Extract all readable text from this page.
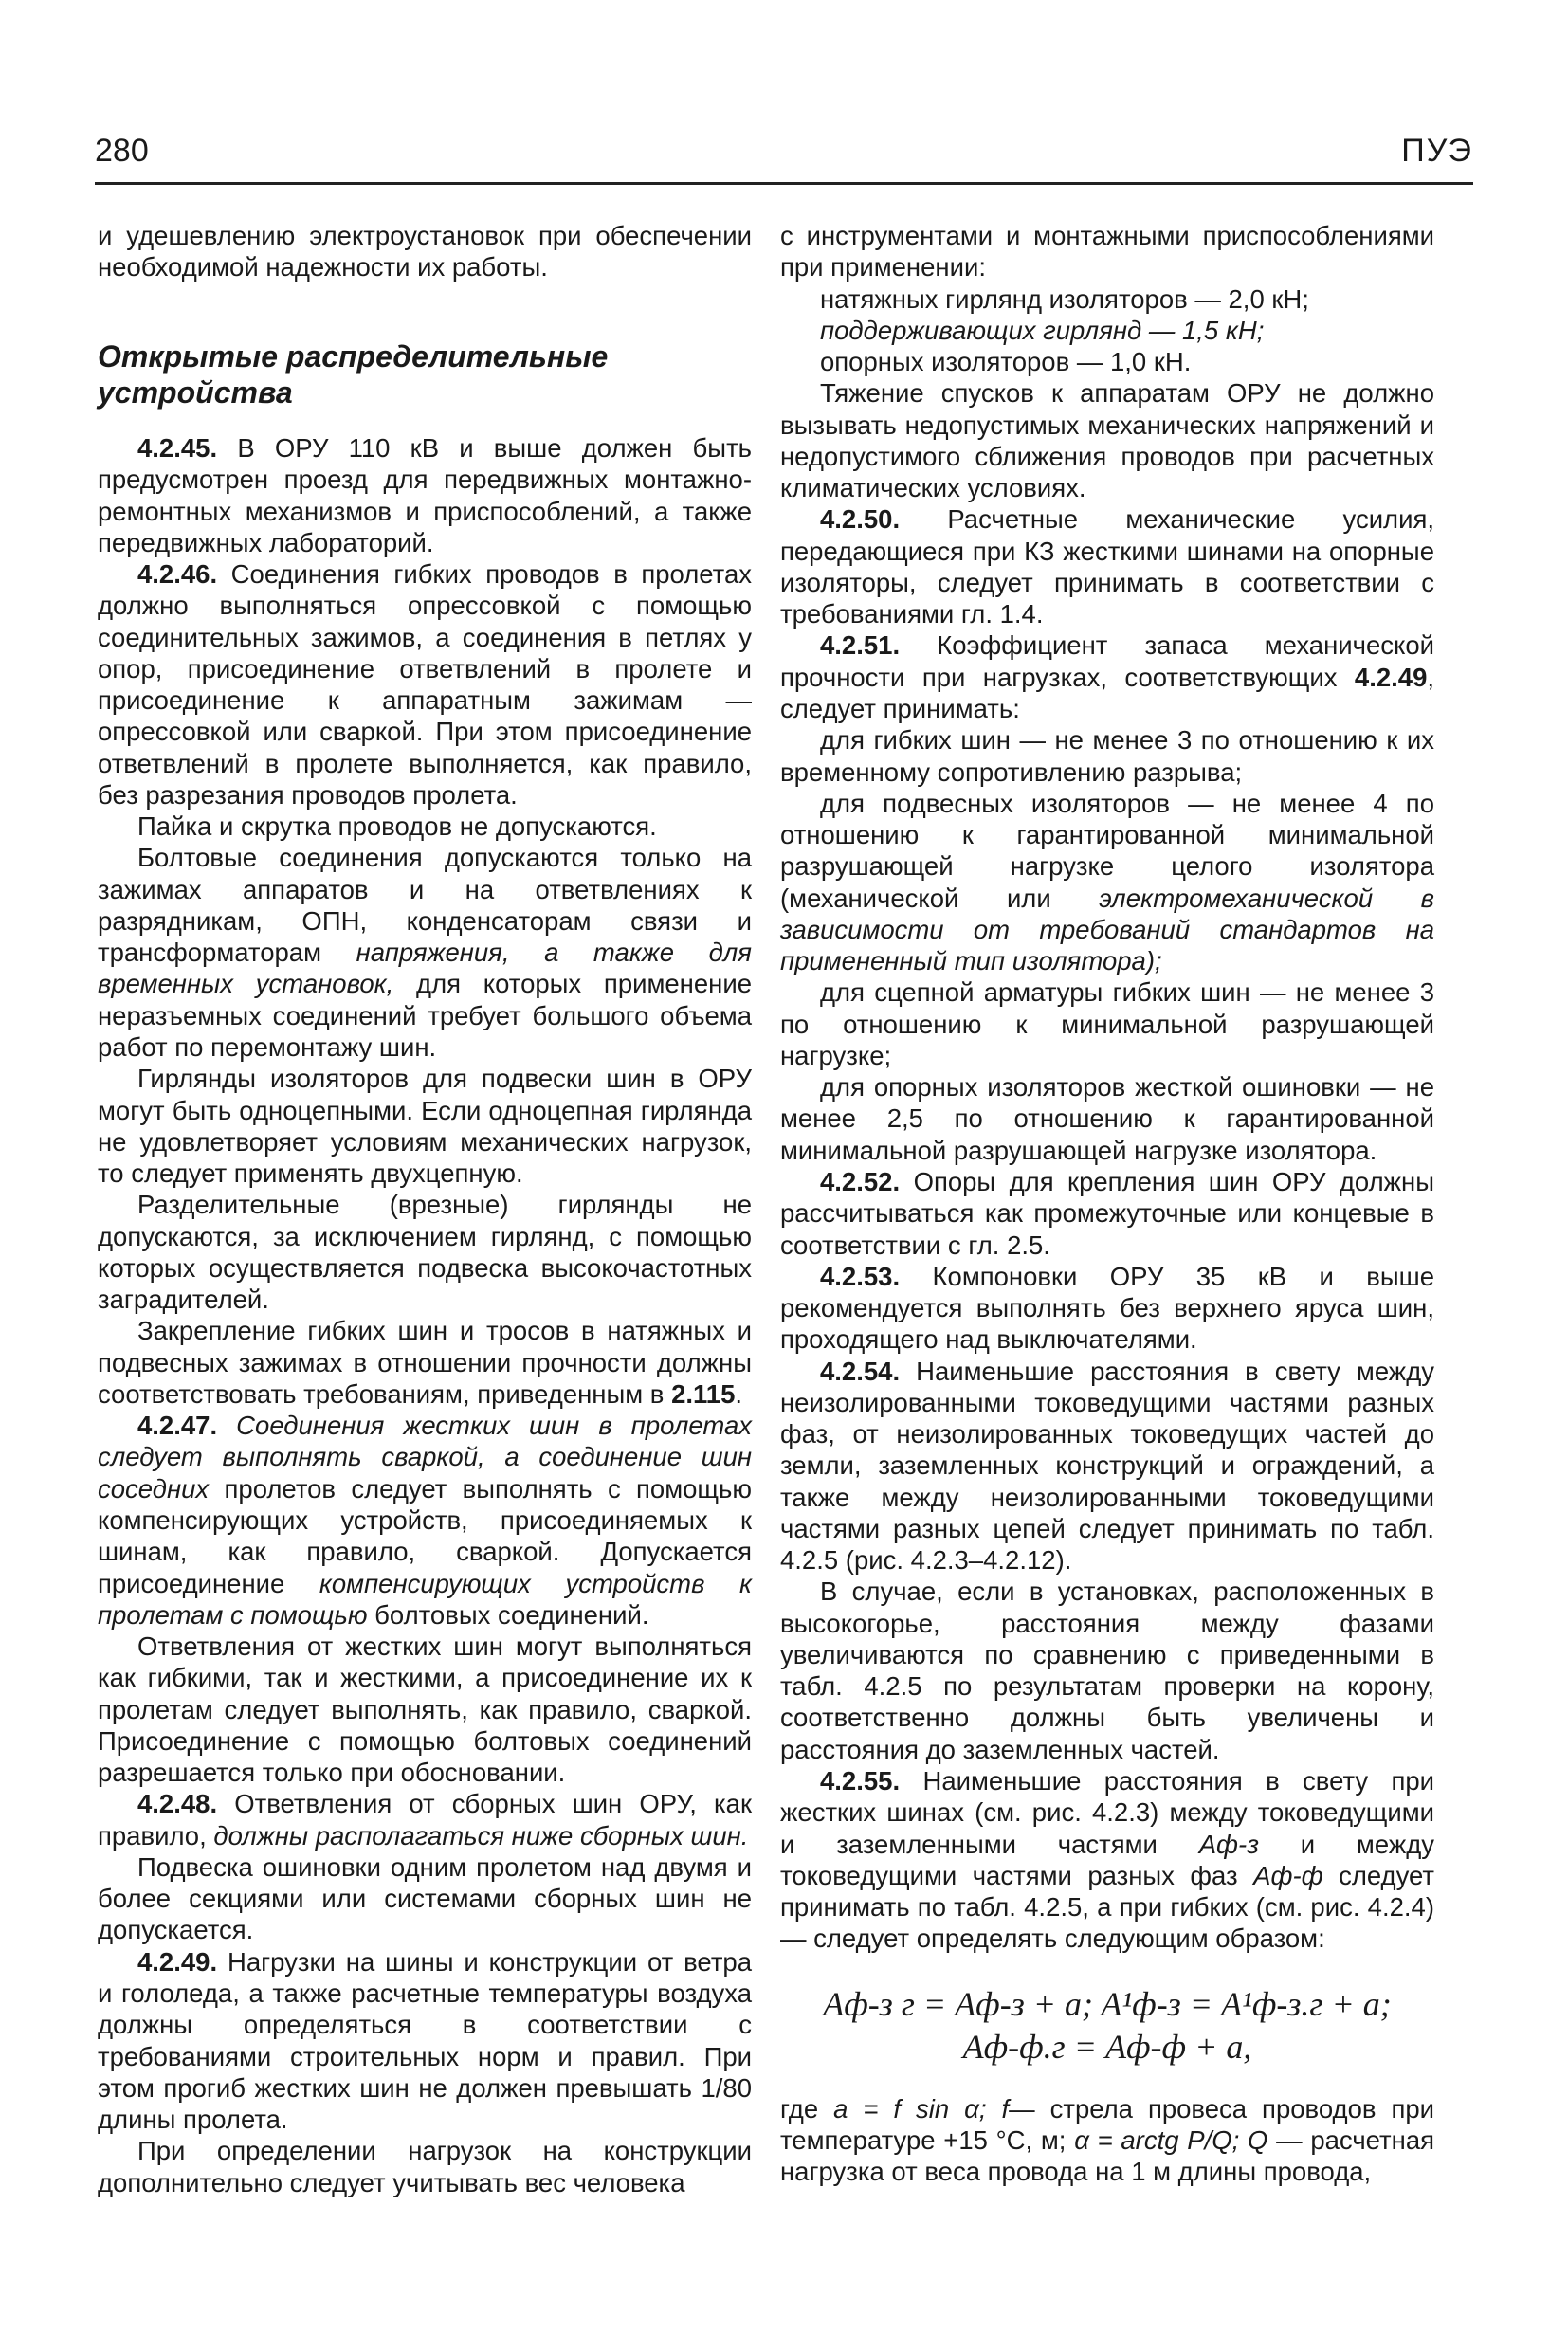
280	ПУЭ

и удешевлению электроустановок при обеспечении необходимой надежности их работы.

Открытые распределительные устройства

4.2.45. В ОРУ 110 кВ и выше должен быть предусмотрен проезд для передвижных монтажно-ремонтных механизмов и приспособлений, а также передвижных лабораторий.

4.2.46. Соединения гибких проводов в пролетах должно выполняться опрессовкой с помощью соединительных зажимов, а соединения в петлях у опор, присоединение ответвлений в пролете и присоединение к аппаратным зажимам — опрессовкой или сваркой. При этом присоединение ответвлений в пролете выполняется, как правило, без разрезания проводов пролета.

Пайка и скрутка проводов не допускаются.

Болтовые соединения допускаются только на зажимах аппаратов и на ответвлениях к разрядникам, ОПН, конденсаторам связи и трансформаторам напряжения, а также для временных установок, для которых применение неразъемных соединений требует большого объема работ по перемонтажу шин.

Гирлянды изоляторов для подвески шин в ОРУ могут быть одноцепными. Если одноцепная гирлянда не удовлетворяет условиям механических нагрузок, то следует применять двухцепную.

Разделительные (врезные) гирлянды не допускаются, за исключением гирлянд, с помощью которых осуществляется подвеска высокочастотных заградителей.

Закрепление гибких шин и тросов в натяжных и подвесных зажимах в отношении прочности должны соответствовать требованиям, приведенным в 2.115.

4.2.47. Соединения жестких шин в пролетах следует выполнять сваркой, а соединение шин соседних пролетов следует выполнять с помощью компенсирующих устройств, присоединяемых к шинам, как правило, сваркой. Допускается присоединение компенсирующих устройств к пролетам с помощью болтовых соединений.

Ответвления от жестких шин могут выполняться как гибкими, так и жесткими, а присоединение их к пролетам следует выполнять, как правило, сваркой. Присоединение с помощью болтовых соединений разрешается только при обосновании.

4.2.48. Ответвления от сборных шин ОРУ, как правило, должны располагаться ниже сборных шин.

Подвеска ошиновки одним пролетом над двумя и более секциями или системами сборных шин не допускается.

4.2.49. Нагрузки на шины и конструкции от ветра и гололеда, а также расчетные температуры воздуха должны определяться в соответствии с требованиями строительных норм и правил. При этом прогиб жестких шин не должен превышать 1/80 длины пролета.

При определении нагрузок на конструкции дополнительно следует учитывать вес человека

с инструментами и монтажными приспособлениями при применении:

натяжных гирлянд изоляторов — 2,0 кН;

поддерживающих гирлянд — 1,5 кН;

опорных изоляторов — 1,0 кН.

Тяжение спусков к аппаратам ОРУ не должно вызывать недопустимых механических напряжений и недопустимого сближения проводов при расчетных климатических условиях.

4.2.50. Расчетные механические усилия, передающиеся при КЗ жесткими шинами на опорные изоляторы, следует принимать в соответствии с требованиями гл. 1.4.

4.2.51. Коэффициент запаса механической прочности при нагрузках, соответствующих 4.2.49, следует принимать:

для гибких шин — не менее 3 по отношению к их временному сопротивлению разрыва;

для подвесных изоляторов — не менее 4 по отношению к гарантированной минимальной разрушающей нагрузке целого изолятора (механической или электромеханической в зависимости от требований стандартов на примененный тип изолятора);

для сцепной арматуры гибких шин — не менее 3 по отношению к минимальной разрушающей нагрузке;

для опорных изоляторов жесткой ошиновки — не менее 2,5 по отношению к гарантированной минимальной разрушающей нагрузке изолятора.

4.2.52. Опоры для крепления шин ОРУ должны рассчитываться как промежуточные или концевые в соответствии с гл. 2.5.

4.2.53. Компоновки ОРУ 35 кВ и выше рекомендуется выполнять без верхнего яруса шин, проходящего над выключателями.

4.2.54. Наименьшие расстояния в свету между неизолированными токоведущими частями разных фаз, от неизолированных токоведущих частей до земли, заземленных конструкций и ограждений, а также между неизолированными токоведущими частями разных цепей следует принимать по табл. 4.2.5 (рис. 4.2.3–4.2.12).

В случае, если в установках, расположенных в высокогорье, расстояния между фазами увеличиваются по сравнению с приведенными в табл. 4.2.5 по результатам проверки на корону, соответственно должны быть увеличены и расстояния до заземленных частей.

4.2.55. Наименьшие расстояния в свету при жестких шинах (см. рис. 4.2.3) между токоведущими и заземленными частями Aф-з и между токоведущими частями разных фаз Aф-ф следует принимать по табл. 4.2.5, а при гибких (см. рис. 4.2.4) — следует определять следующим образом:

Aф-з г = Aф-з + a; A¹ф-з = A¹ф-з.г + a;
Aф-ф.г = Aф-ф + a,

где a = f sin α; f— стрела провеса проводов при температуре +15 °С, м; α = arctg P/Q; Q — расчетная нагрузка от веса провода на 1 м длины провода,
